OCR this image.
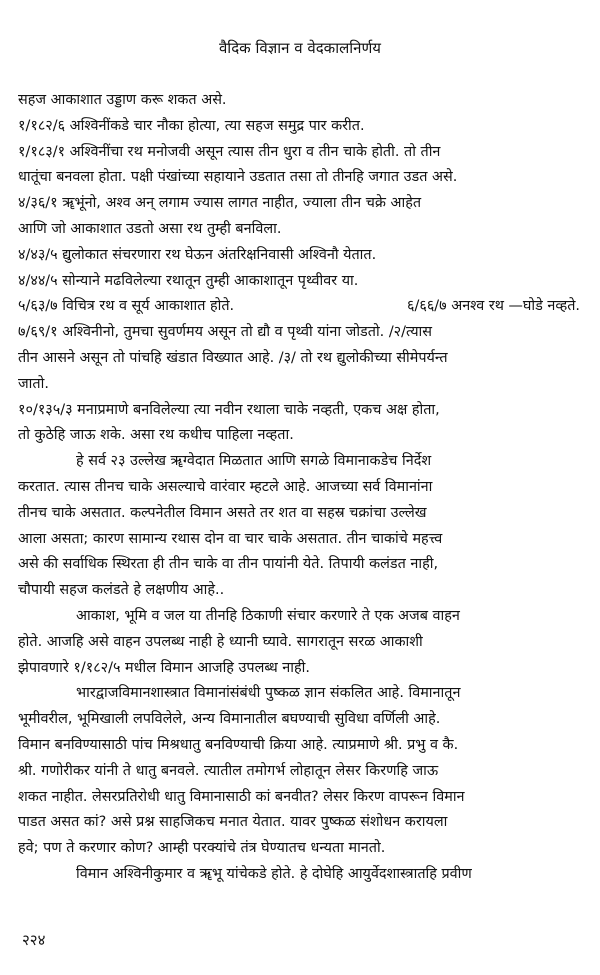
वैदिक विज्ञान व वेदकालनिर्णय
सहज आकाशात उड्डाण करू शकत असे.
१/१८२/६ अश्विनींकडे चार नौका होत्या, त्या सहज समुद्र पार करीत.
१/१८३/१ अश्विनींचा रथ मनोजवी असून त्यास तीन धुरा व तीन चाके होती. तो तीन
धातूंचा बनवला होता. पक्षी पंखांच्या सहायाने उडतात तसा तो तीनहि जगात उडत असे.
४/३६/१ ॠभूंनो, अश्व अन् लगाम ज्यास लागत नाहीत, ज्याला तीन चक्रे आहेत
आणि जो आकाशात उडतो असा रथ तुम्ही बनविला.
४/४३/५ द्युलोकात संचरणारा रथ घेऊन अंतरिक्षनिवासी अश्विनौ येतात.
४/४४/५ सोन्याने मढविलेल्या रथातून तुम्ही आकाशातून पृथ्वीवर या.
५/६३/७ विचित्र रथ व सूर्य आकाशात होते.	६/६६/७ अनश्व रथ —घोडे नव्हते.
७/६९/१ अश्विनीनो, तुमचा सुवर्णमय असून तो द्यौ व पृथ्वी यांना जोडतो. /२/त्यास
तीन आसने असून तो पांचहि खंडात विख्यात आहे. /३/ तो रथ द्युलोकीच्या सीमेपर्यन्त
जातो.
१०/१३५/३ मनाप्रमाणे बनविलेल्या त्या नवीन रथाला चाके नव्हती, एकच अक्ष होता,
तो कुठेहि जाऊ शके. असा रथ कधीच पाहिला नव्हता.
हे सर्व २३ उल्लेख ॠग्वेदात मिळतात आणि सगळे विमानाकडेच निर्देश
करतात. त्यास तीनच चाके असल्याचे वारंवार म्हटले आहे. आजच्या सर्व विमानांना
तीनच चाके असतात. कल्पनेतील विमान असते तर शत वा सहस्र चक्रांचा उल्लेख
आला असता; कारण सामान्य रथास दोन वा चार चाके असतात. तीन चाकांचे महत्त्व
असे की सर्वाधिक स्थिरता ही तीन चाके वा तीन पायांनी येते. तिपायी कलंडत नाही,
चौपायी सहज कलंडते हे लक्षणीय आहे..
आकाश, भूमि व जल या तीनहि ठिकाणी संचार करणारे ते एक अजब वाहन
होते. आजहि असे वाहन उपलब्ध नाही हे ध्यानी घ्यावे. सागरातून सरळ आकाशी
झेपावणारे १/१८२/५ मधील विमान आजहि उपलब्ध नाही.
भारद्वाजविमानशास्त्रात विमानांसंबंधी पुष्कळ ज्ञान संकलित आहे. विमानातून
भूमीवरील, भूमिखाली लपविलेले, अन्य विमानातील बघण्याची सुविधा वर्णिली आहे.
विमान बनविण्यासाठी पांच मिश्रधातु बनविण्याची क्रिया आहे. त्याप्रमाणे श्री. प्रभु व कै.
श्री. गणोरीकर यांनी ते धातु बनवले. त्यातील तमोगर्भ लोहातून लेसर किरणहि जाऊ
शकत नाहीत. लेसरप्रतिरोधी धातु विमानासाठी कां बनवीत? लेसर किरण वापरून विमान
पाडत असत कां? असे प्रश्न साहजिकच मनात येतात. यावर पुष्कळ संशोधन करायला
हवे; पण ते करणार कोण? आम्ही परक्यांचे तंत्र घेण्यातच धन्यता मानतो.
विमान अश्विनीकुमार व ॠभू यांचेकडे होते. हे दोघेहि आयुर्वेदशास्त्रातहि प्रवीण
२२४
